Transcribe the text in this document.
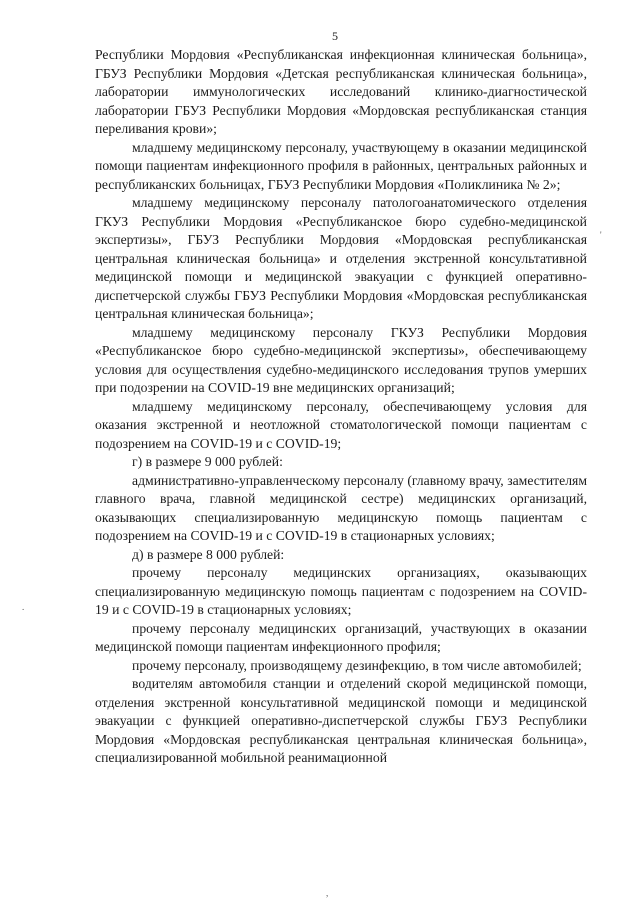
5

Республики Мордовия «Республиканская инфекционная клиническая больница», ГБУЗ Республики Мордовия «Детская республиканская клиническая больница», лаборатории иммунологических исследований клинико-диагностической лаборатории ГБУЗ Республики Мордовия «Мордовская республиканская станция переливания крови»;

младшему медицинскому персоналу, участвующему в оказании медицинской помощи пациентам инфекционного профиля в районных, центральных районных и республиканских больницах, ГБУЗ Республики Мордовия «Поликлиника № 2»;

младшему медицинскому персоналу патологоанатомического отделения ГКУЗ Республики Мордовия «Республиканское бюро судебно-медицинской экспертизы», ГБУЗ Республики Мордовия «Мордовская республиканская центральная клиническая больница» и отделения экстренной консультативной медицинской помощи и медицинской эвакуации с функцией оперативно-диспетчерской службы ГБУЗ Республики Мордовия «Мордовская республиканская центральная клиническая больница»;

младшему медицинскому персоналу ГКУЗ Республики Мордовия «Республиканское бюро судебно-медицинской экспертизы», обеспечивающему условия для осуществления судебно-медицинского исследования трупов умерших при подозрении на COVID-19 вне медицинских организаций;

младшему медицинскому персоналу, обеспечивающему условия для оказания экстренной и неотложной стоматологической помощи пациентам с подозрением на COVID-19 и с COVID-19;

г) в размере 9 000 рублей:

административно-управленческому персоналу (главному врачу, заместителям главного врача, главной медицинской сестре) медицинских организаций, оказывающих специализированную медицинскую помощь пациентам с подозрением на COVID-19 и с COVID-19 в стационарных условиях;

д) в размере 8 000 рублей:

прочему персоналу медицинских организациях, оказывающих специализированную медицинскую помощь пациентам с подозрением на COVID-19 и с COVID-19 в стационарных условиях;

прочему персоналу медицинских организаций, участвующих в оказании медицинской помощи пациентам инфекционного профиля;

прочему персоналу, производящему дезинфекцию, в том числе автомобилей;

водителям автомобиля станции и отделений скорой медицинской помощи, отделения экстренной консультативной медицинской помощи и медицинской эвакуации с функцией оперативно-диспетчерской службы ГБУЗ Республики Мордовия «Мордовская республиканская центральная клиническая больница», специализированной мобильной реанимационной

.
'
,
